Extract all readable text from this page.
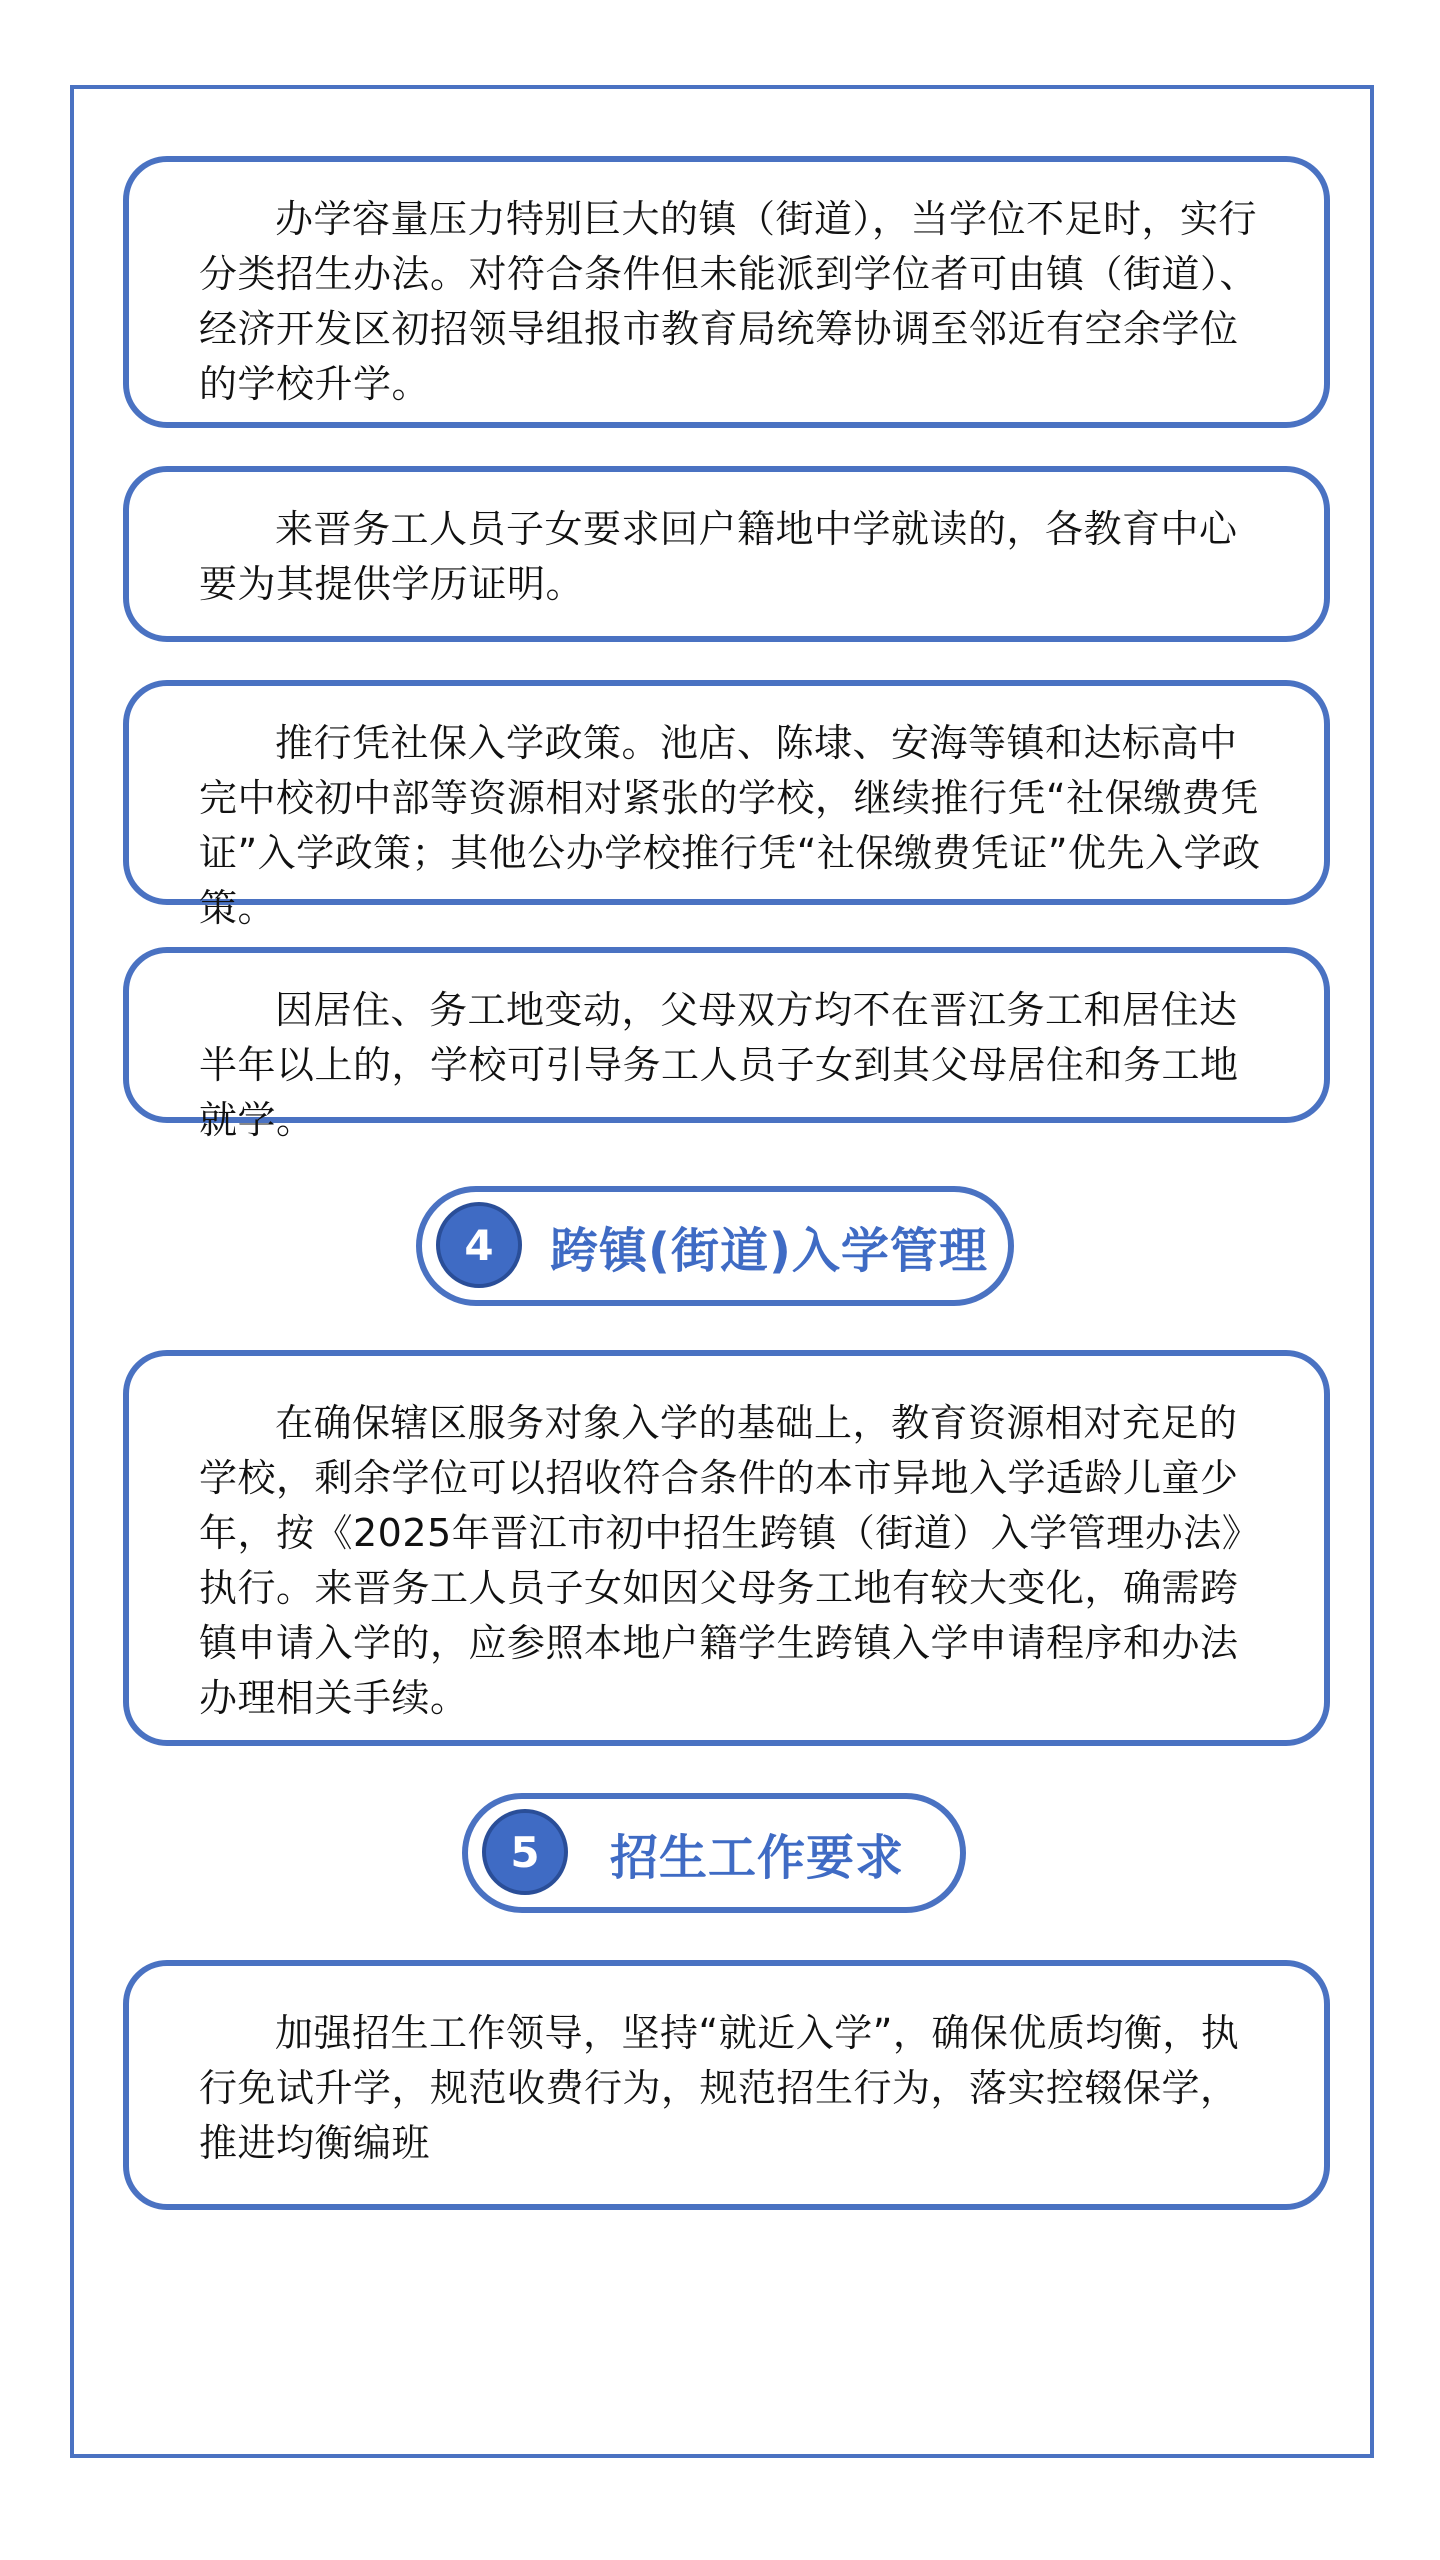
办学容量压力特别巨大的镇（街道），当学位不足时，实行分类招生办法。对符合条件但未能派到学位者可由镇（街道）、经济开发区初招领导组报市教育局统筹协调至邻近有空余学位的学校升学。

来晋务工人员子女要求回户籍地中学就读的，各教育中心要为其提供学历证明。

推行凭社保入学政策。池店、陈埭、安海等镇和达标高中完中校初中部等资源相对紧张的学校，继续推行凭“社保缴费凭证”入学政策；其他公办学校推行凭“社保缴费凭证”优先入学政策。

因居住、务工地变动，父母双方均不在晋江务工和居住达半年以上的，学校可引导务工人员子女到其父母居住和务工地就学。

4	跨镇(街道)入学管理

在确保辖区服务对象入学的基础上，教育资源相对充足的学校，剩余学位可以招收符合条件的本市异地入学适龄儿童少年，按《2025年晋江市初中招生跨镇（街道）入学管理办法》执行。来晋务工人员子女如因父母务工地有较大变化，确需跨镇申请入学的，应参照本地户籍学生跨镇入学申请程序和办法办理相关手续。

5	招生工作要求

加强招生工作领导，坚持“就近入学”，确保优质均衡，执行免试升学，规范收费行为，规范招生行为，落实控辍保学，推进均衡编班
